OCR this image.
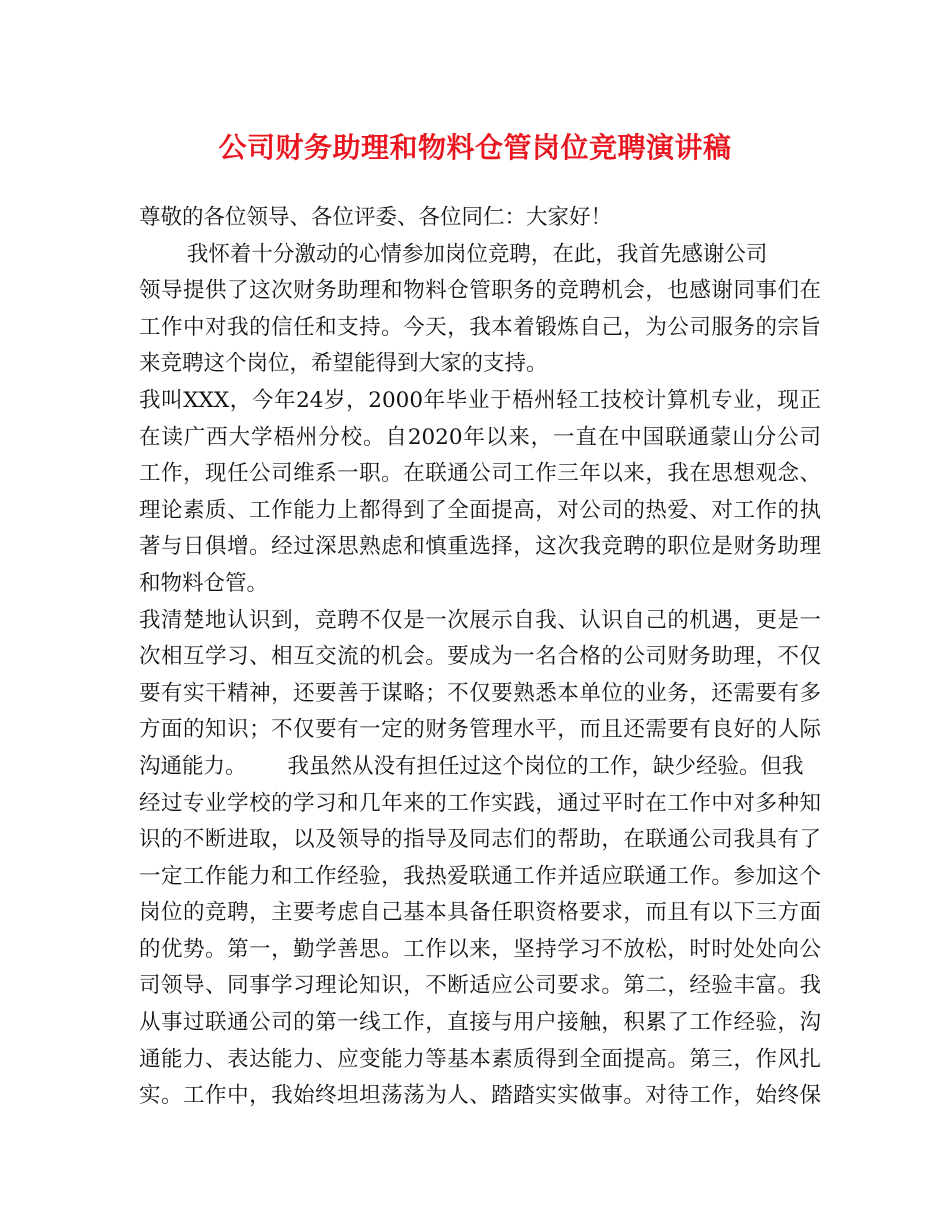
公司财务助理和物料仓管岗位竞聘演讲稿
尊敬的各位领导、各位评委、各位同仁：大家好！
我怀着十分激动的心情参加岗位竞聘，在此，我首先感谢公司
领导提供了这次财务助理和物料仓管职务的竞聘机会，也感谢同事们在
工作中对我的信任和支持。今天，我本着锻炼自己，为公司服务的宗旨
来竞聘这个岗位，希望能得到大家的支持。
我叫XXX，今年24岁，2000年毕业于梧州轻工技校计算机专业，现正
在读广西大学梧州分校。自2020年以来，一直在中国联通蒙山分公司
工作，现任公司维系一职。在联通公司工作三年以来，我在思想观念、
理论素质、工作能力上都得到了全面提高，对公司的热爱、对工作的执
著与日俱增。经过深思熟虑和慎重选择，这次我竞聘的职位是财务助理
和物料仓管。
我清楚地认识到，竞聘不仅是一次展示自我、认识自己的机遇，更是一
次相互学习、相互交流的机会。要成为一名合格的公司财务助理，不仅
要有实干精神，还要善于谋略；不仅要熟悉本单位的业务，还需要有多
方面的知识；不仅要有一定的财务管理水平，而且还需要有良好的人际
沟通能力。      我虽然从没有担任过这个岗位的工作，缺少经验。但我
经过专业学校的学习和几年来的工作实践，通过平时在工作中对多种知
识的不断进取，以及领导的指导及同志们的帮助，在联通公司我具有了
一定工作能力和工作经验，我热爱联通工作并适应联通工作。参加这个
岗位的竞聘，主要考虑自己基本具备任职资格要求，而且有以下三方面
的优势。第一，勤学善思。工作以来，坚持学习不放松，时时处处向公
司领导、同事学习理论知识，不断适应公司要求。第二，经验丰富。我
从事过联通公司的第一线工作，直接与用户接触，积累了工作经验，沟
通能力、表达能力、应变能力等基本素质得到全面提高。第三，作风扎
实。工作中，我始终坦坦荡荡为人、踏踏实实做事。对待工作，始终保
